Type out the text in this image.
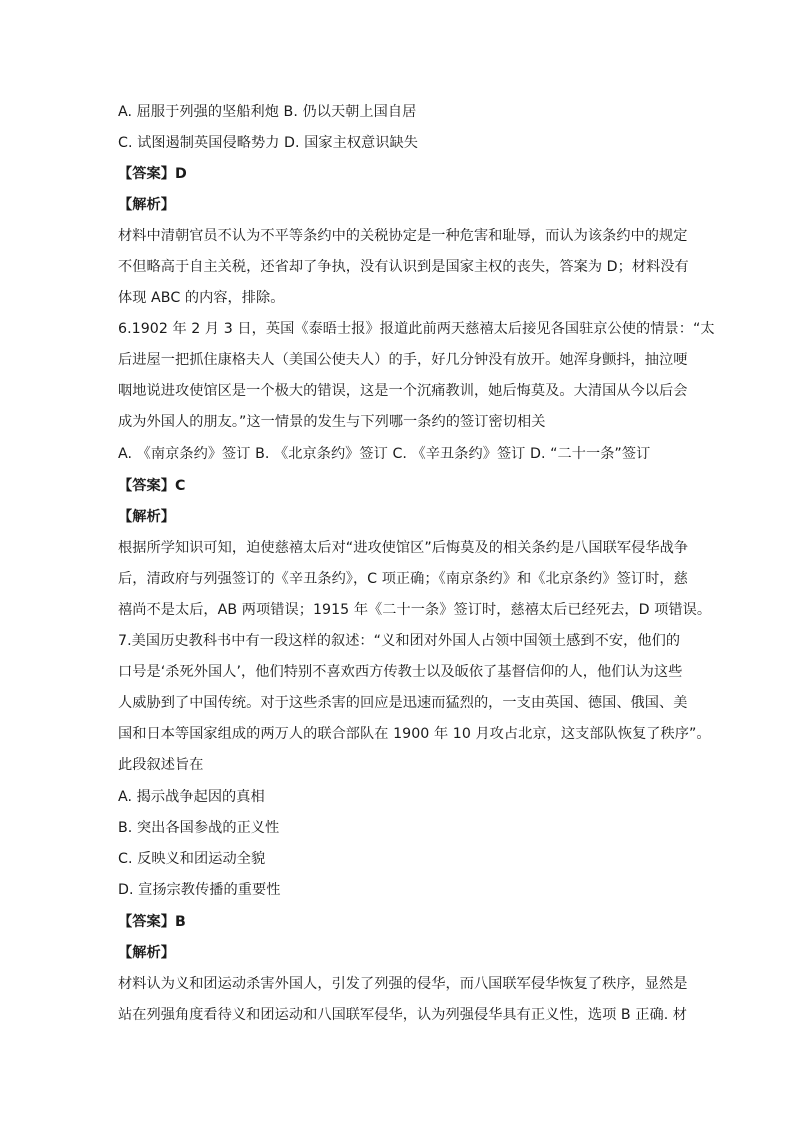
A. 屈服于列强的坚船利炮 B. 仍以天朝上国自居
C. 试图遏制英国侵略势力 D. 国家主权意识缺失
【答案】D
【解析】
材料中清朝官员不认为不平等条约中的关税协定是一种危害和耻辱，而认为该条约中的规定
不但略高于自主关税，还省却了争执，没有认识到是国家主权的丧失，答案为 D；材料没有
体现 ABC 的内容，排除。
6.1902 年 2 月 3 日，英国《泰晤士报》报道此前两天慈禧太后接见各国驻京公使的情景：“太
后进屋一把抓住康格夫人（美国公使夫人）的手，好几分钟没有放开。她浑身颤抖，抽泣哽
咽地说进攻使馆区是一个极大的错误，这是一个沉痛教训，她后悔莫及。大清国从今以后会
成为外国人的朋友。”这一情景的发生与下列哪一条约的签订密切相关
A. 《南京条约》签订 B. 《北京条约》签订 C. 《辛丑条约》签订 D. “二十一条”签订
【答案】C
【解析】
根据所学知识可知，迫使慈禧太后对“进攻使馆区”后悔莫及的相关条约是八国联军侵华战争
后，清政府与列强签订的《辛丑条约》，C 项正确；《南京条约》和《北京条约》签订时，慈
禧尚不是太后，AB 两项错误；1915 年《二十一条》签订时，慈禧太后已经死去，D 项错误。
7.美国历史教科书中有一段这样的叙述：“义和团对外国人占领中国领土感到不安，他们的
口号是‘杀死外国人’，他们特别不喜欢西方传教士以及皈依了基督信仰的人，他们认为这些
人威胁到了中国传统。对于这些杀害的回应是迅速而猛烈的，一支由英国、德国、俄国、美
国和日本等国家组成的两万人的联合部队在 1900 年 10 月攻占北京，这支部队恢复了秩序”。
此段叙述旨在
A. 揭示战争起因的真相
B. 突出各国参战的正义性
C. 反映义和团运动全貌
D. 宣扬宗教传播的重要性
【答案】B
【解析】
材料认为义和团运动杀害外国人，引发了列强的侵华，而八国联军侵华恢复了秩序，显然是
站在列强角度看待义和团运动和八国联军侵华，认为列强侵华具有正义性，选项 B 正确. 材
